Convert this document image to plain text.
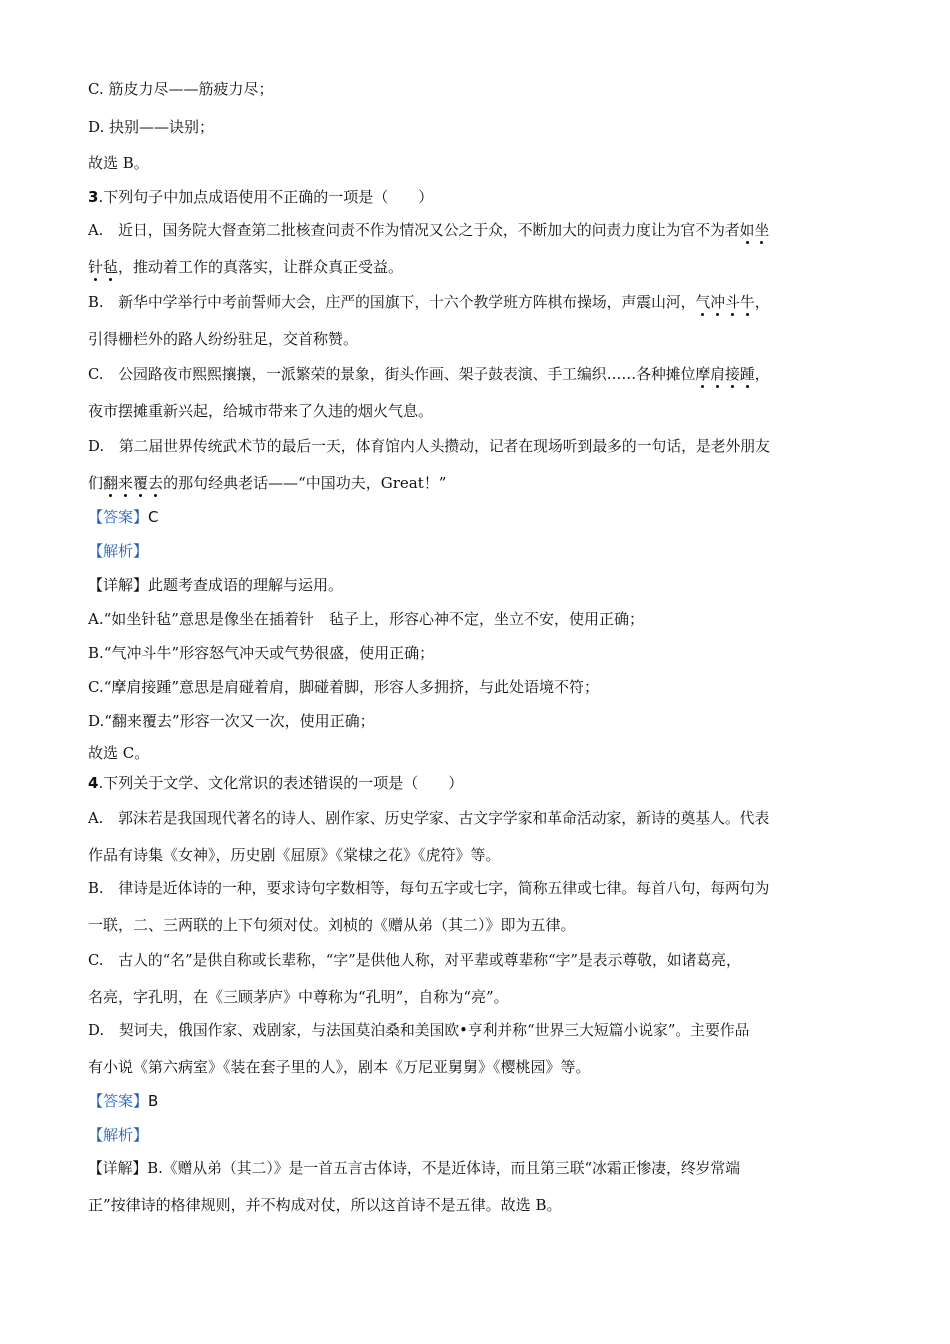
C. 筋皮力尽——筋疲力尽；
D. 抉别——诀别；
故选 B。
3.下列句子中加点成语使用不正确的一项是（　　）
A.　近日，国务院大督查第二批核查问责不作为情况又公之于众，不断加大的问责力度让为官不为者如坐
针毡，推动着工作的真落实，让群众真正受益。
B.　新华中学举行中考前誓师大会，庄严的国旗下，十六个教学班方阵棋布操场，声震山河，气冲斗牛，
引得栅栏外的路人纷纷驻足，交首称赞。
C.　公园路夜市熙熙攘攘，一派繁荣的景象，街头作画、架子鼓表演、手工编织……各种摊位摩肩接踵，
夜市摆摊重新兴起，给城市带来了久违的烟火气息。
D.　第二届世界传统武术节的最后一天，体育馆内人头攒动，记者在现场听到最多的一句话，是老外朋友
们翻来覆去的那句经典老话——“中国功夫，Great！”
【答案】C
【解析】
【详解】此题考查成语的理解与运用。
A.“如坐针毡”意思是像坐在插着针　毡子上，形容心神不定，坐立不安，使用正确；
B.“气冲斗牛”形容怒气冲天或气势很盛，使用正确；
C.“摩肩接踵”意思是肩碰着肩，脚碰着脚，形容人多拥挤，与此处语境不符；
D.“翻来覆去”形容一次又一次，使用正确；
故选 C。
4.下列关于文学、文化常识的表述错误的一项是（　　）
A.　郭沫若是我国现代著名的诗人、剧作家、历史学家、古文字学家和革命活动家，新诗的奠基人。代表
作品有诗集《女神》，历史剧《屈原》《棠棣之花》《虎符》等。
B.　律诗是近体诗的一种，要求诗句字数相等，每句五字或七字，简称五律或七律。每首八句，每两句为
一联，二、三两联的上下句须对仗。刘桢的《赠从弟（其二）》即为五律。
C.　古人的“名”是供自称或长辈称，“字”是供他人称，对平辈或尊辈称“字”是表示尊敬，如诸葛亮，
名亮，字孔明，在《三顾茅庐》中尊称为“孔明”，自称为“亮”。
D.　契诃夫，俄国作家、戏剧家，与法国莫泊桑和美国欧•亨利并称“世界三大短篇小说家”。主要作品
有小说《第六病室》《装在套子里的人》，剧本《万尼亚舅舅》《樱桃园》等。
【答案】B
【解析】
【详解】B.《赠从弟（其二）》是一首五言古体诗，不是近体诗，而且第三联“冰霜正惨凄，终岁常端
正”按律诗的格律规则，并不构成对仗，所以这首诗不是五律。故选 B。
